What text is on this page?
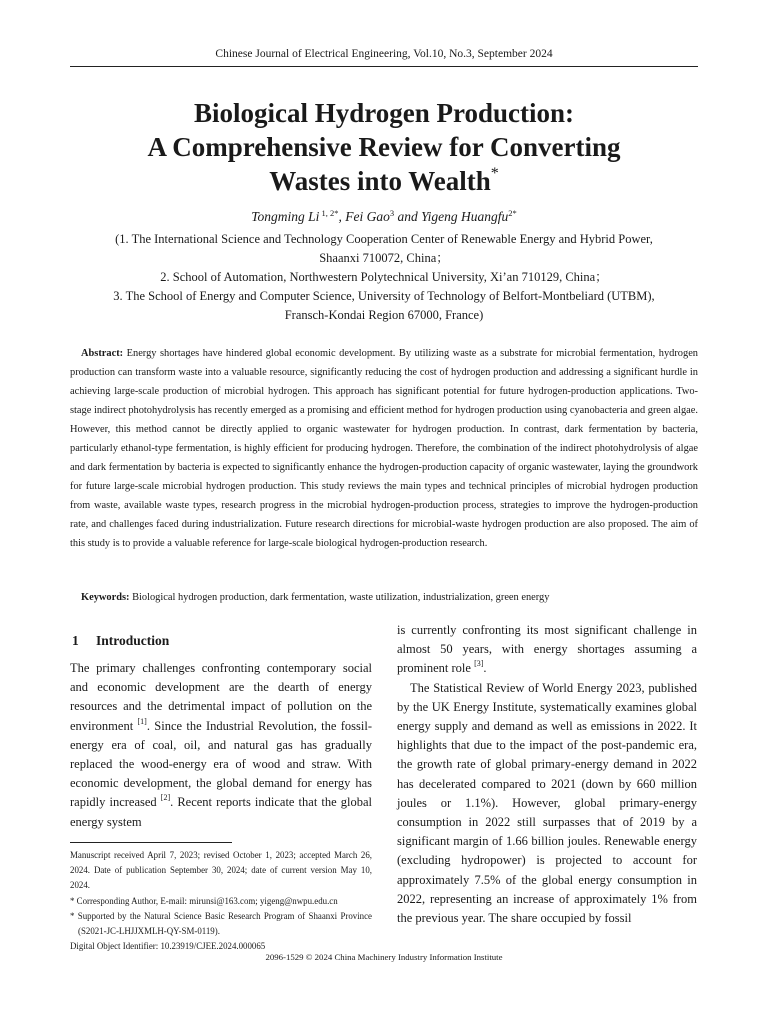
Chinese Journal of Electrical Engineering, Vol.10, No.3, September 2024
Biological Hydrogen Production:
A Comprehensive Review for Converting
Wastes into Wealth*
Tongming Li $^{1, 2*}$, Fei Gao$^3$ and Yigeng Huangfu$^{2*}$
(1. The International Science and Technology Cooperation Center of Renewable Energy and Hybrid Power,
Shaanxi 710072, China；
2. School of Automation, Northwestern Polytechnical University, Xi’an 710129, China；
3. The School of Energy and Computer Science, University of Technology of Belfort-Montbeliard (UTBM),
Fransch-Kondai Region 67000, France)
Abstract: Energy shortages have hindered global economic development. By utilizing waste as a substrate for microbial fermentation, hydrogen production can transform waste into a valuable resource, significantly reducing the cost of hydrogen production and addressing a significant hurdle in achieving large-scale production of microbial hydrogen. This approach has significant potential for future hydrogen-production applications. Two-stage indirect photohydrolysis has recently emerged as a promising and efficient method for hydrogen production using cyanobacteria and green algae. However, this method cannot be directly applied to organic wastewater for hydrogen production. In contrast, dark fermentation by bacteria, particularly ethanol-type fermentation, is highly efficient for producing hydrogen. Therefore, the combination of the indirect photohydrolysis of algae and dark fermentation by bacteria is expected to significantly enhance the hydrogen-production capacity of organic wastewater, laying the groundwork for future large-scale microbial hydrogen production. This study reviews the main types and technical principles of microbial hydrogen production from waste, available waste types, research progress in the microbial hydrogen-production process, strategies to improve the hydrogen-production rate, and challenges faced during industrialization. Future research directions for microbial-waste hydrogen production are also proposed. The aim of this study is to provide a valuable reference for large-scale biological hydrogen-production research.
Keywords: Biological hydrogen production, dark fermentation, waste utilization, industrialization, green energy
1 Introduction

The primary challenges confronting contemporary social and economic development are the dearth of energy resources and the detrimental impact of pollution on the environment [1]. Since the Industrial Revolution, the fossil-energy era of coal, oil, and natural gas has gradually replaced the wood-energy era of wood and straw. With economic development, the global demand for energy has rapidly increased [2]. Recent reports indicate that the global energy system

is currently confronting its most significant challenge in almost 50 years, with energy shortages assuming a prominent role [3].

The Statistical Review of World Energy 2023, published by the UK Energy Institute, systematically examines global energy supply and demand as well as emissions in 2022. It highlights that due to the impact of the post-pandemic era, the growth rate of global primary-energy demand in 2022 has decelerated compared to 2021 (down by 660 million joules or 1.1%). However, global primary-energy consumption in 2022 still surpasses that of 2019 by a significant margin of 1.66 billion joules. Renewable energy (excluding hydropower) is projected to account for approximately 7.5% of the global energy consumption in 2022, representing an increase of approximately 1% from the previous year. The share occupied by fossil

Manuscript received April 7, 2023; revised October 1, 2023; accepted March 26, 2024. Date of publication September 30, 2024; date of current version May 10, 2024.

* Corresponding Author, E-mail: mirunsi@163.com; yigeng@nwpu.edu.cn

* Supported by the Natural Science Basic Research Program of Shaanxi Province (S2021-JC-LHJJXMLH-QY-SM-0119).

Digital Object Identifier: 10.23919/CJEE.2024.000065

2096-1529 © 2024 China Machinery Industry Information Institute
